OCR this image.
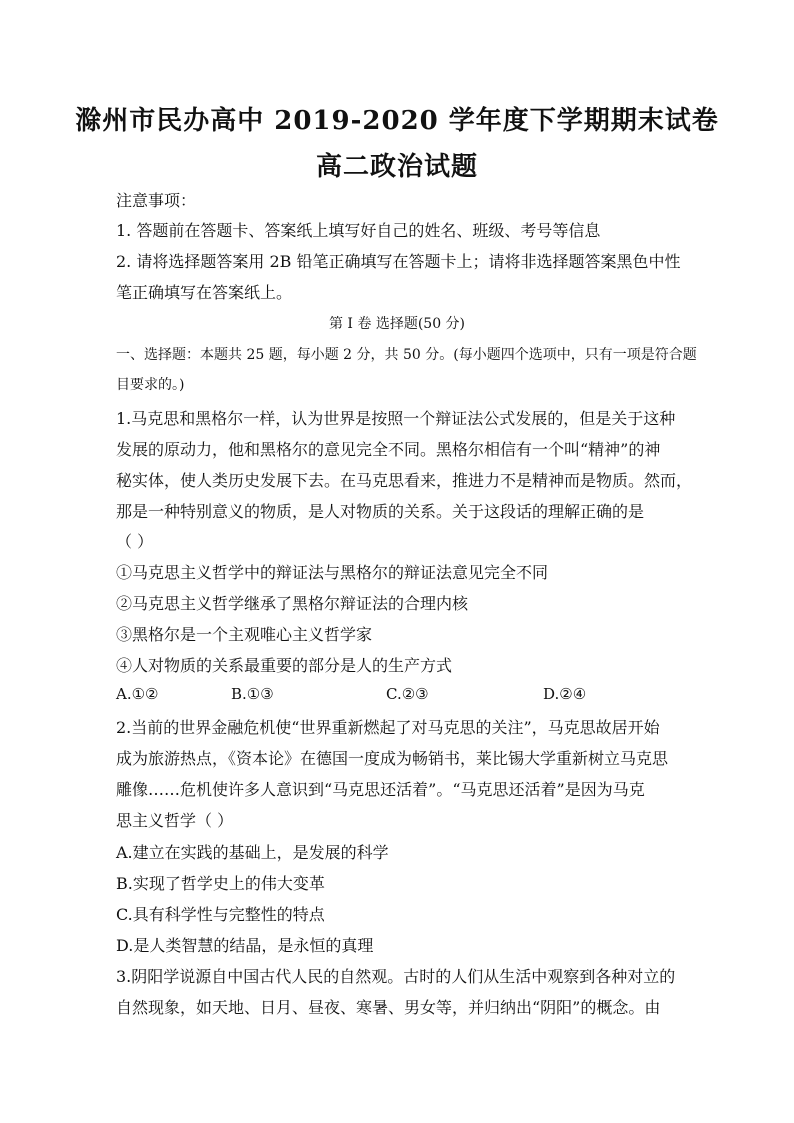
滁州市民办高中 2019-2020 学年度下学期期末试卷
高二政治试题
注意事项：
1. 答题前在答题卡、答案纸上填写好自己的姓名、班级、考号等信息
2. 请将选择题答案用 2B 铅笔正确填写在答题卡上；请将非选择题答案黑色中性
笔正确填写在答案纸上。
第 I 卷 选择题(50 分)
一、选择题：本题共 25 题，每小题 2 分，共 50 分。(每小题四个选项中，只有一项是符合题
目要求的。)
1.马克思和黑格尔一样，认为世界是按照一个辩证法公式发展的，但是关于这种
发展的原动力，他和黑格尔的意见完全不同。黑格尔相信有一个叫“精神”的神
秘实体，使人类历史发展下去。在马克思看来，推进力不是精神而是物质。然而，
那是一种特别意义的物质，是人对物质的关系。关于这段话的理解正确的是
（ ）
①马克思主义哲学中的辩证法与黑格尔的辩证法意见完全不同
②马克思主义哲学继承了黑格尔辩证法的合理内核
③黑格尔是一个主观唯心主义哲学家
④人对物质的关系最重要的部分是人的生产方式
A.①②	B.①③	C.②③	D.②④
2.当前的世界金融危机使“世界重新燃起了对马克思的关注”，马克思故居开始
成为旅游热点，《资本论》在德国一度成为畅销书，莱比锡大学重新树立马克思
雕像……危机使许多人意识到“马克思还活着”。“马克思还活着”是因为马克
思主义哲学（ ）
A.建立在实践的基础上，是发展的科学
B.实现了哲学史上的伟大变革
C.具有科学性与完整性的特点
D.是人类智慧的结晶，是永恒的真理
3.阴阳学说源自中国古代人民的自然观。古时的人们从生活中观察到各种对立的
自然现象，如天地、日月、昼夜、寒暑、男女等，并归纳出“阴阳”的概念。由
